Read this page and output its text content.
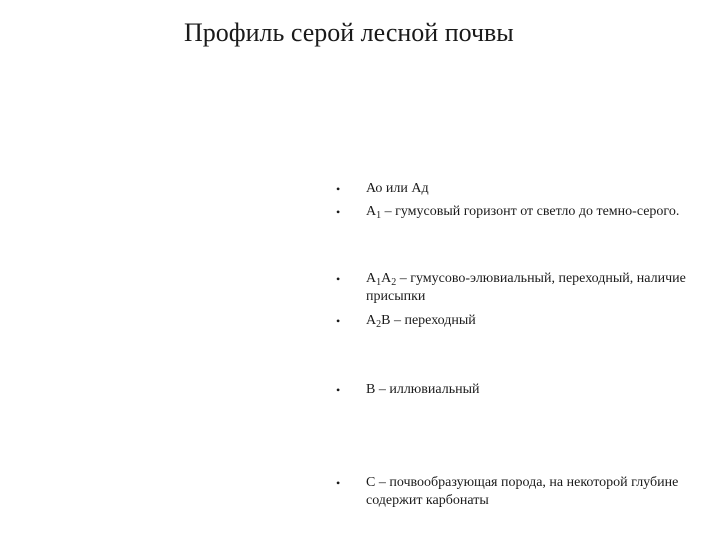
Профиль серой лесной почвы
• Ао или Ад
• $А_1$ – гумусовый горизонт от светло до темно-серого.
• $А_1А_2$ – гумусово-элювиальный, переходный, наличие присыпки
• $А_2В$ – переходный
• В – иллювиальный
• С – почвообразующая порода, на некоторой глубине содержит карбонаты
